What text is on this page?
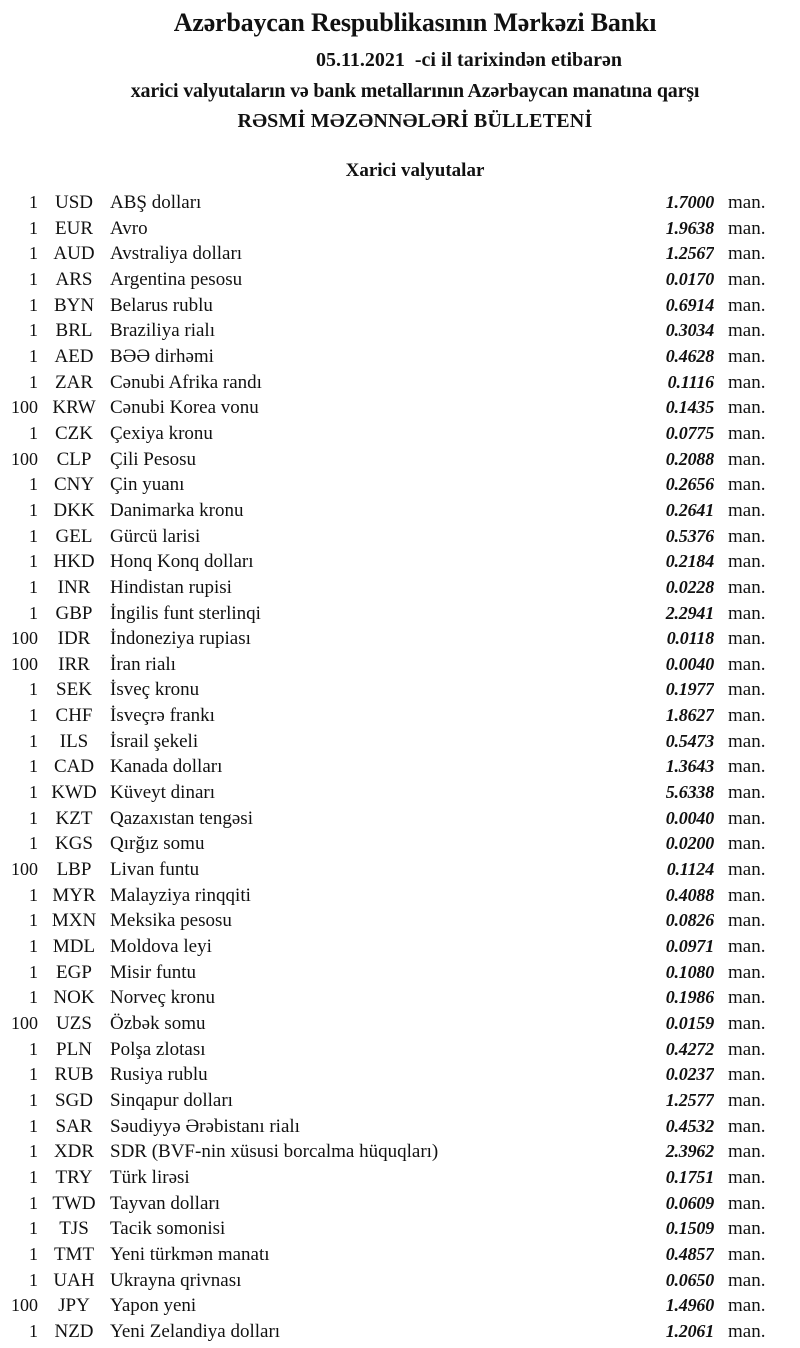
Azərbaycan Respublikasının Mərkəzi Bankı
05.11.2021  -ci il tarixindən etibarən
xarici valyutaların və bank metallarının Azərbaycan manatına qarşı
RƏSMİ MƏZƏNNƏLƏRİ BÜLLETENİ
Xarici valyutalar
1 USD ABŞ dolları	1.7000 man.
1 EUR Avro	1.9638 man.
1 AUD Avstraliya dolları	1.2567 man.
1 ARS Argentina pesosu	0.0170 man.
1 BYN Belarus rublu	0.6914 man.
1 BRL Braziliya rialı	0.3034 man.
1 AED BƏƏ dirhəmi	0.4628 man.
1 ZAR Cənubi Afrika randı	0.1116 man.
100 KRW Cənubi Korea vonu	0.1435 man.
1 CZK Çexiya kronu	0.0775 man.
100 CLP Çili Pesosu	0.2088 man.
1 CNY Çin yuanı	0.2656 man.
1 DKK Danimarka kronu	0.2641 man.
1 GEL Gürcü larisi	0.5376 man.
1 HKD Honq Konq dolları	0.2184 man.
1	INR	Hindistan rupisi	0.0228 man.
1 GBP İngilis funt sterlinqi	2.2941 man.
100	IDR	İndoneziya rupiası	0.0118 man.
100	IRR	İran rialı	0.0040 man.
1 SEK İsveç kronu	0.1977 man.
1 CHF İsveçrə frankı	1.8627 man.
1	ILS	İsrail şekeli	0.5473 man.
1 CAD Kanada dolları	1.3643 man.
1 KWD Küveyt dinarı	5.6338 man.
1 KZT Qazaxıstan tengəsi	0.0040 man.
1 KGS Qırğız somu	0.0200 man.
100 LBP Livan funtu	0.1124 man.
1 MYR Malayziya rinqqiti	0.4088 man.
1 MXN Meksika pesosu	0.0826 man.
1 MDL Moldova leyi	0.0971 man.
1 EGP Misir funtu	0.1080 man.
1 NOK Norveç kronu	0.1986 man.
100 UZS Özbək somu	0.0159 man.
1 PLN Polşa zlotası	0.4272 man.
1 RUB Rusiya rublu	0.0237 man.
1 SGD Sinqapur dolları	1.2577 man.
1 SAR Səudiyyə Ərəbistanı rialı	0.4532 man.
1 XDR SDR (BVF-nin xüsusi borcalma hüquqları)	2.3962 man.
1 TRY Türk lirəsi	0.1751 man.
1 TWD Tayvan dolları	0.0609 man.
1	TJS	Tacik somonisi	0.1509 man.
1 TMT Yeni türkmən manatı	0.4857 man.
1 UAH Ukrayna qrivnası	0.0650 man.
100	JPY	Yapon yeni	1.4960 man.
1 NZD Yeni Zelandiya dolları	1.2061 man.
